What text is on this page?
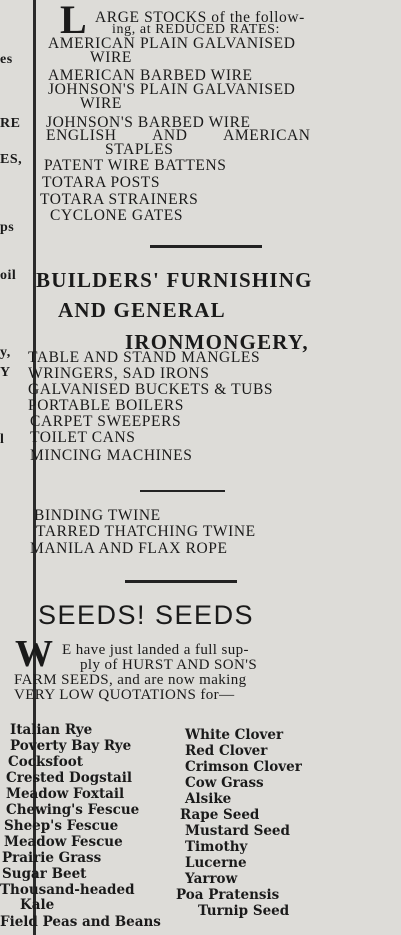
es
RE
ES,
ps
oil
y,
Y
l
L ARGE STOCKS of the follow-
ing, at REDUCED RATES:
AMERICAN PLAIN GALVANISED
WIRE
AMERICAN BARBED WIRE
JOHNSON'S PLAIN GALVANISED
WIRE
JOHNSON'S BARBED WIRE
ENGLISH AND AMERICAN
STAPLES
PATENT WIRE BATTENS
TOTARA POSTS
TOTARA STRAINERS
CYCLONE GATES
BUILDERS' FURNISHING
AND GENERAL
IRONMONGERY,
TABLE AND STAND MANGLES
WRINGERS, SAD IRONS
GALVANISED BUCKETS & TUBS
PORTABLE BOILERS
CARPET SWEEPERS
TOILET CANS
MINCING MACHINES
BINDING TWINE
TARRED THATCHING TWINE
MANILA AND FLAX ROPE
SEEDS! SEEDS
W E have just landed a full sup-
ply of HURST AND SON'S
FARM SEEDS, and are now making
VERY LOW QUOTATIONS for—
Italian Rye
Poverty Bay Rye
Cocksfoot
Crested Dogstail
Meadow Foxtail
Chewing's Fescue
Sheep's Fescue
Meadow Fescue
Prairie Grass
Sugar Beet
Thousand-headed
Kale
Field Peas and Beans
White Clover
Red Clover
Crimson Clover
Cow Grass
Alsike
Rape Seed
Mustard Seed
Timothy
Lucerne
Yarrow
Poa Pratensis
Turnip Seed
